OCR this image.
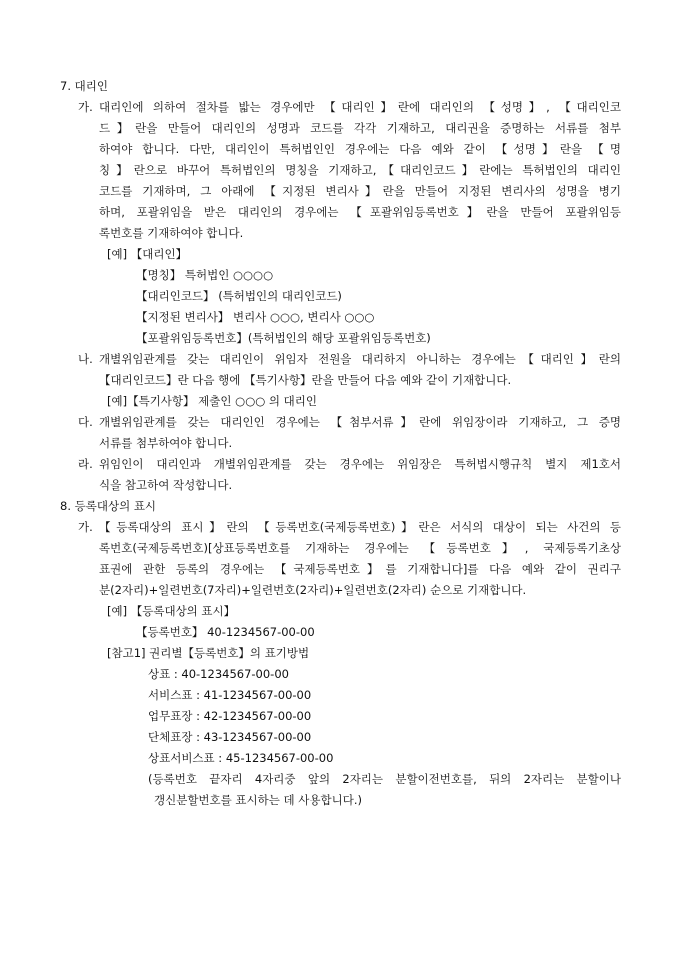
7. 대리인
가. 대리인에 의하여 절차를 밟는 경우에만 【대리인】란에 대리인의 【성명】, 【대리인코
드】란을 만들어 대리인의 성명과 코드를 각각 기재하고, 대리권을 증명하는 서류를 첨부
하여야 합니다. 다만, 대리인이 특허법인인 경우에는 다음 예와 같이 【성명】란을 【명
칭】란으로 바꾸어 특허법인의 명칭을 기재하고,【대리인코드】란에는 특허법인의 대리인
코드를 기재하며, 그 아래에 【지정된 변리사】란을 만들어 지정된 변리사의 성명을 병기
하며, 포괄위임을 받은 대리인의 경우에는 【포괄위임등록번호】란을 만들어 포괄위임등
록번호를 기재하여야 합니다.
[예] 【대리인】
【명칭】 특허법인 ○○○○
【대리인코드】 (특허법인의 대리인코드)
【지정된 변리사】 변리사 ○○○, 변리사 ○○○
【포괄위임등록번호】(특허법인의 해당 포괄위임등록번호)
나. 개별위임관계를 갖는 대리인이 위임자 전원을 대리하지 아니하는 경우에는【대리인】란의
【대리인코드】란 다음 행에 【특기사항】란을 만들어 다음 예와 같이 기재합니다.
[예]【특기사항】 제출인 ○○○ 의 대리인
다. 개별위임관계를 갖는 대리인인 경우에는 【첨부서류】란에 위임장이라 기재하고, 그 증명
서류를 첨부하여야 합니다.
라. 위임인이 대리인과 개별위임관계를 갖는 경우에는 위임장은 특허법시행규칙 별지 제1호서
식을 참고하여 작성합니다.
8. 등록대상의 표시
가. 【등록대상의 표시】란의 【등록번호(국제등록번호)】란은 서식의 대상이 되는 사건의 등
록번호(국제등록번호)[상표등록번호를 기재하는 경우에는 【등록번호】, 국제등록기초상
표권에 관한 등록의 경우에는 【국제등록번호】를 기재합니다]를 다음 예와 같이 권리구
분(2자리)+일련번호(7자리)+일련번호(2자리)+일련번호(2자리) 순으로 기재합니다.
[예] 【등록대상의 표시】
【등록번호】 40-1234567-00-00
[참고1] 권리별【등록번호】의 표기방법
상표 : 40-1234567-00-00
서비스표 : 41-1234567-00-00
업무표장 : 42-1234567-00-00
단체표장 : 43-1234567-00-00
상표서비스표 : 45-1234567-00-00
(등록번호 끝자리 4자리중 앞의 2자리는 분할이전번호를, 뒤의 2자리는 분할이나
갱신분할번호를 표시하는 데 사용합니다.)
